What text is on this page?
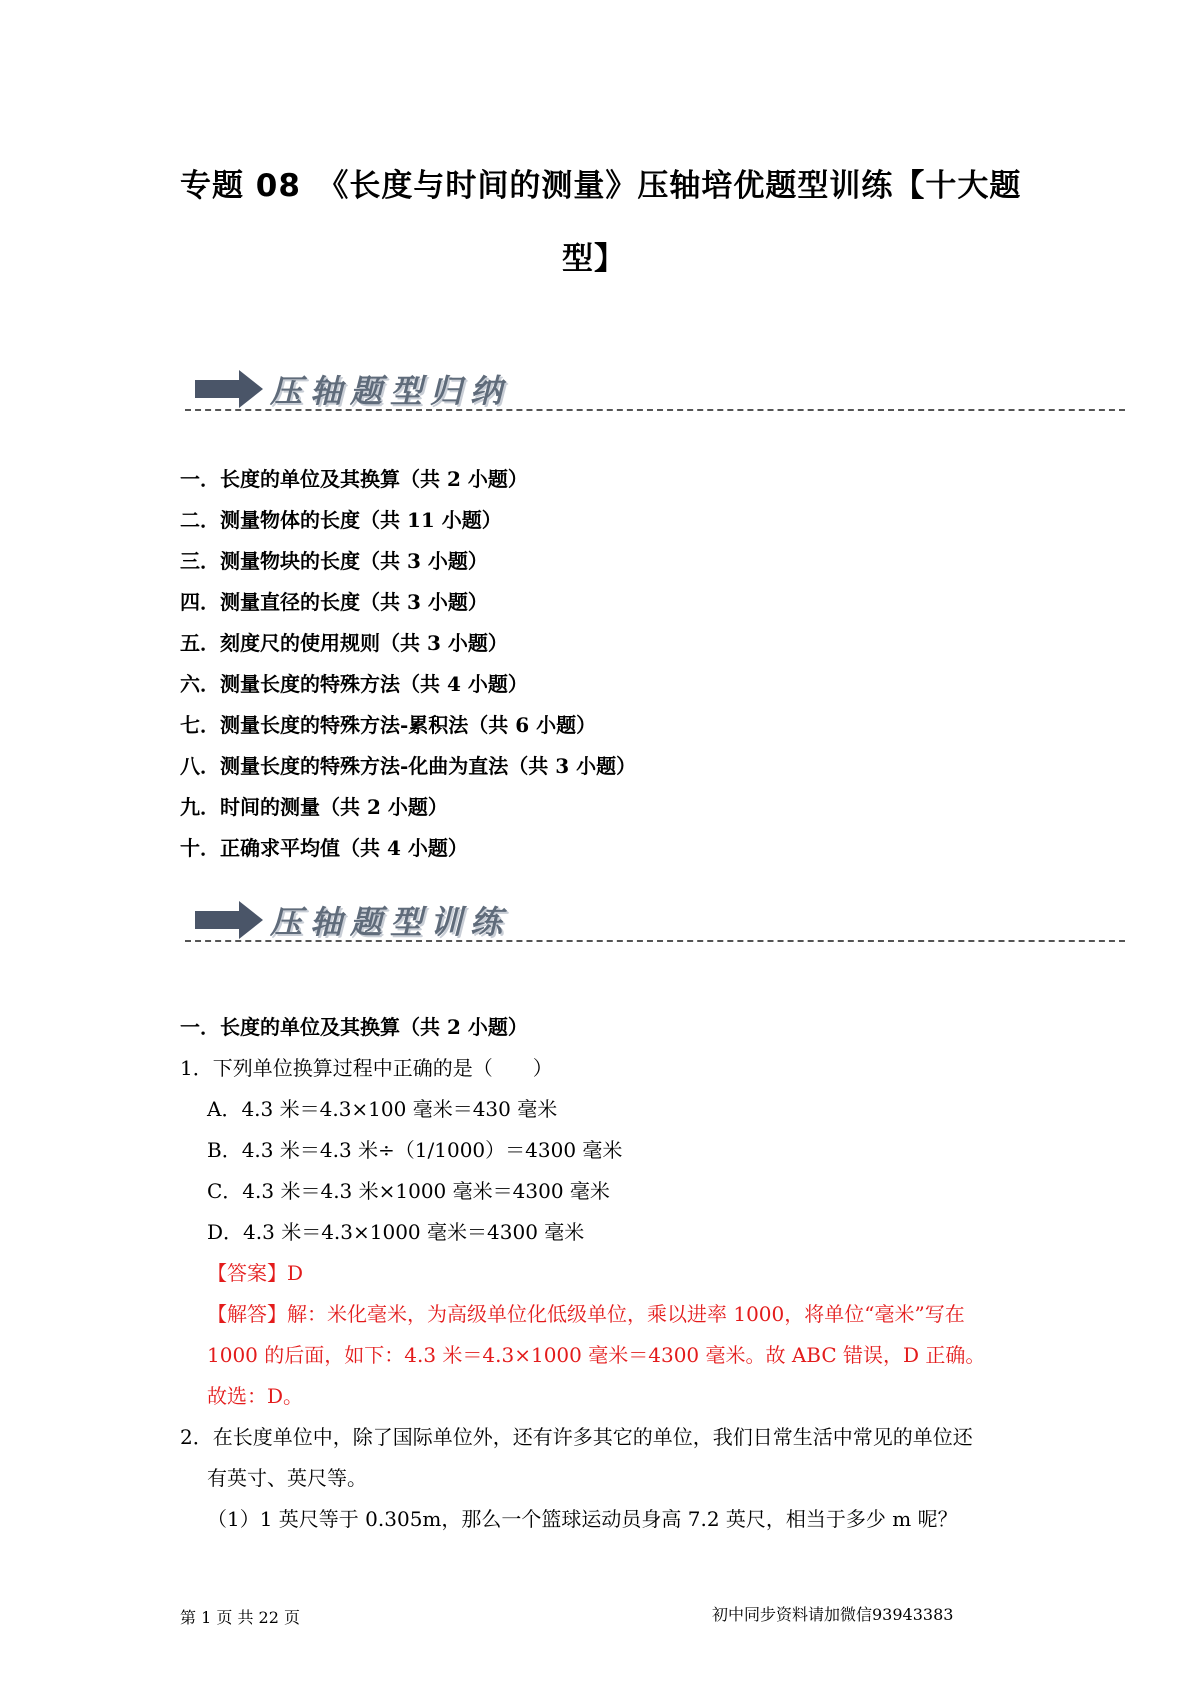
专题 08　《长度与时间的测量》压轴培优题型训练【十大题
型】
压轴题型归纳
一．长度的单位及其换算（共 2 小题）
二．测量物体的长度（共 11 小题）
三．测量物块的长度（共 3 小题）
四．测量直径的长度（共 3 小题）
五．刻度尺的使用规则（共 3 小题）
六．测量长度的特殊方法（共 4 小题）
七．测量长度的特殊方法-累积法（共 6 小题）
八．测量长度的特殊方法-化曲为直法（共 3 小题）
九．时间的测量（共 2 小题）
十．正确求平均值（共 4 小题）
压轴题型训练
一．长度的单位及其换算（共 2 小题）
1．下列单位换算过程中正确的是（　　）
A．4.3 米＝4.3×100 毫米＝430 毫米
B．4.3 米＝4.3 米÷（1/1000）＝4300 毫米
C．4.3 米＝4.3 米×1000 毫米＝4300 毫米
D．4.3 米＝4.3×1000 毫米＝4300 毫米
【答案】D
【解答】解：米化毫米，为高级单位化低级单位，乘以进率 1000，将单位“毫米”写在
1000 的后面，如下：4.3 米＝4.3×1000 毫米＝4300 毫米。故 ABC 错误，D 正确。
故选：D。
2．在长度单位中，除了国际单位外，还有许多其它的单位，我们日常生活中常见的单位还
有英寸、英尺等。
（1）1 英尺等于 0.305m，那么一个篮球运动员身高 7.2 英尺，相当于多少 m 呢？
第 1 页 共 22 页	初中同步资料请加微信93943383
